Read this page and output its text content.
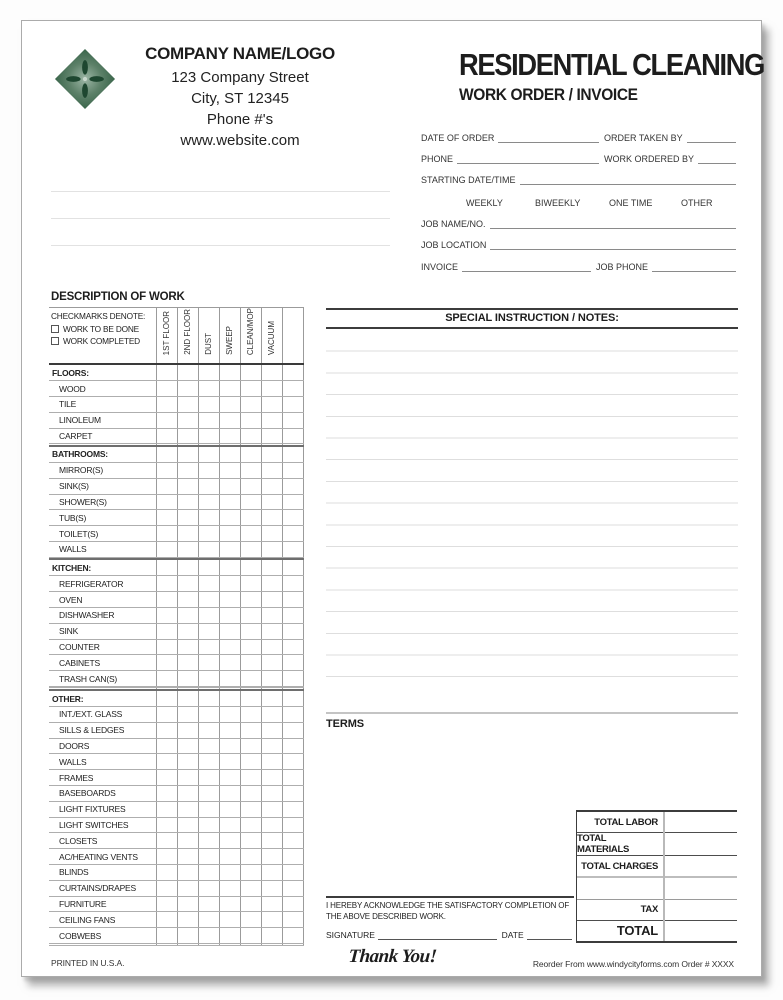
COMPANY NAME/LOGO
123 Company Street
City, ST 12345
Phone #'s
www.website.com
RESIDENTIAL CLEANING
WORK ORDER / INVOICE
DATE OF ORDER	ORDER TAKEN BY
PHONE	WORK ORDERED BY
STARTING DATE/TIME
WEEKLY	BIWEEKLY	ONE TIME	OTHER
JOB NAME/NO.
JOB LOCATION
INVOICE	JOB PHONE
DESCRIPTION OF WORK
CHECKMARKS DENOTE:
WORK TO BE DONE
WORK COMPLETED	1ST FLOOR	2ND FLOOR	DUST	SWEEP	CLEAN/MOP	VACUUM	
FLOORS:							
WOOD							
TILE							
LINOLEUM							
CARPET							

BATHROOMS:							
MIRROR(S)							
SINK(S)							
SHOWER(S)							
TUB(S)							
TOILET(S)							
WALLS							

KITCHEN:							
REFRIGERATOR							
OVEN							
DISHWASHER							
SINK							
COUNTER							
CABINETS							
TRASH CAN(S)							

OTHER:							
INT./EXT. GLASS							
SILLS & LEDGES							
DOORS							
WALLS							
FRAMES							
BASEBOARDS							
LIGHT FIXTURES							
LIGHT SWITCHES							
CLOSETS							
AC/HEATING VENTS							
BLINDS							
CURTAINS/DRAPES							
FURNITURE							
CEILING FANS							
COBWEBS							

SPECIAL INSTRUCTION / NOTES:
TERMS
TOTAL LABOR
TOTAL MATERIALS
TOTAL CHARGES
TAX
TOTAL
I HEREBY ACKNOWLEDGE THE SATISFACTORY COMPLETION OF THE ABOVE DESCRIBED WORK.
SIGNATURE	DATE
PRINTED IN U.S.A.	Thank You!	Reorder From www.windycityforms.com Order # XXXX
